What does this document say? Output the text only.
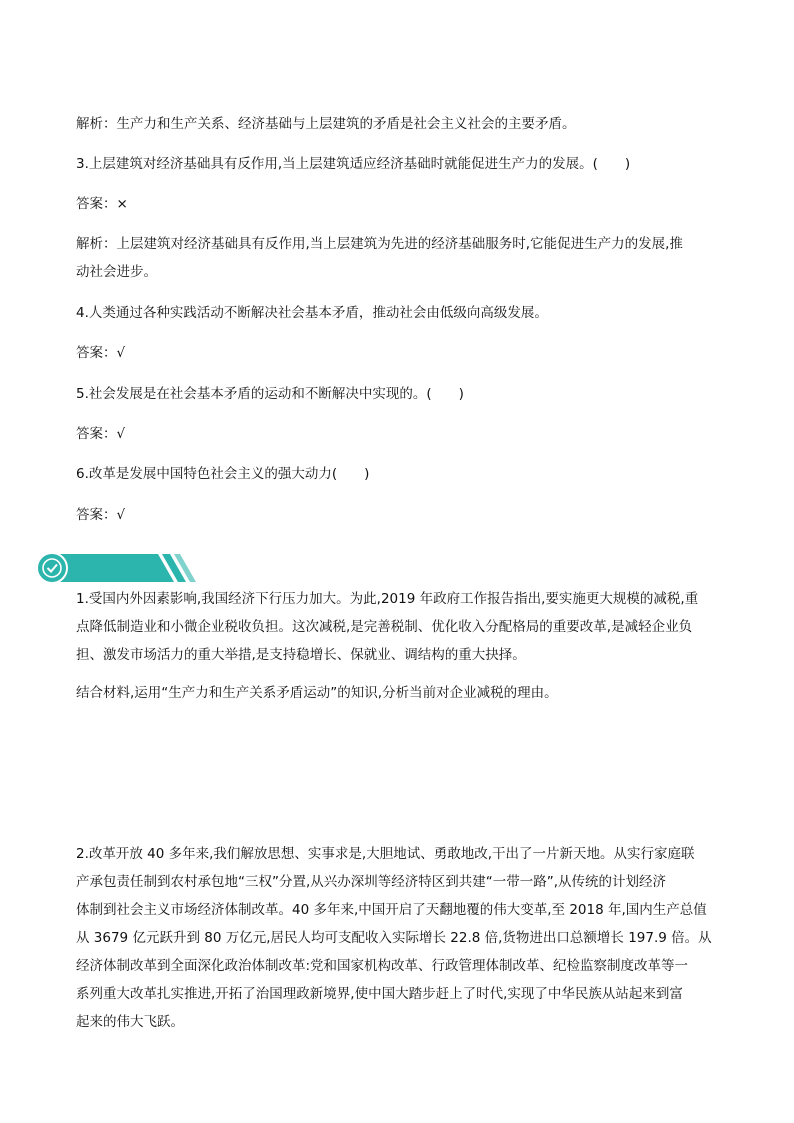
解析：生产力和生产关系、经济基础与上层建筑的矛盾是社会主义社会的主要矛盾。
3.上层建筑对经济基础具有反作用,当上层建筑适应经济基础时就能促进生产力的发展。(　　)
答案：×
解析：上层建筑对经济基础具有反作用,当上层建筑为先进的经济基础服务时,它能促进生产力的发展,推
动社会进步。
4.人类通过各种实践活动不断解决社会基本矛盾，推动社会由低级向高级发展。
答案：√
5.社会发展是在社会基本矛盾的运动和不断解决中实现的。(　　)
答案：√
6.改革是发展中国特色社会主义的强大动力(　　)
答案：√
1.受国内外因素影响,我国经济下行压力加大。为此,2019 年政府工作报告指出,要实施更大规模的减税,重
点降低制造业和小微企业税收负担。这次减税,是完善税制、优化收入分配格局的重要改革,是减轻企业负
担、激发市场活力的重大举措,是支持稳增长、保就业、调结构的重大抉择。
结合材料,运用“生产力和生产关系矛盾运动”的知识,分析当前对企业减税的理由。
2.改革开放 40 多年来,我们解放思想、实事求是,大胆地试、勇敢地改,干出了一片新天地。从实行家庭联
产承包责任制到农村承包地“三权”分置,从兴办深圳等经济特区到共建“一带一路”,从传统的计划经济
体制到社会主义市场经济体制改革。40 多年来,中国开启了天翻地覆的伟大变革,至 2018 年,国内生产总值
从 3679 亿元跃升到 80 万亿元,居民人均可支配收入实际增长 22.8 倍,货物进出口总额增长 197.9 倍。从
经济体制改革到全面深化政治体制改革:党和国家机构改革、行政管理体制改革、纪检监察制度改革等一
系列重大改革扎实推进,开拓了治国理政新境界,使中国大踏步赶上了时代,实现了中华民族从站起来到富
起来的伟大飞跃。
